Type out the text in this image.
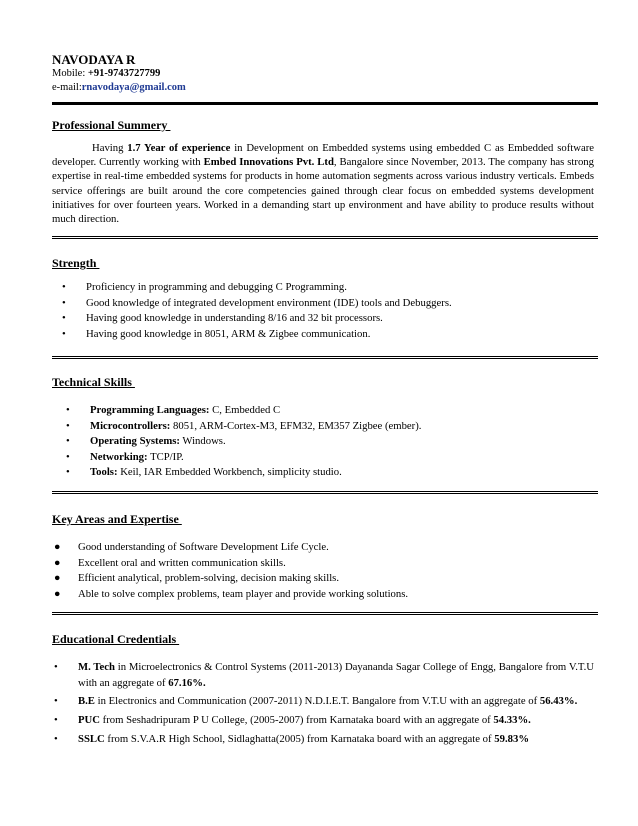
NAVODAYA R
Mobile: +91-9743727799
e-mail:rnavodaya@gmail.com
Professional Summery
Having 1.7 Year of experience in Development on Embedded systems using embedded C as Embedded software developer. Currently working with Embed Innovations Pvt. Ltd, Bangalore since November, 2013. The company has strong expertise in real-time embedded systems for products in home automation segments across various industry verticals. Embeds service offerings are built around the core competencies gained through clear focus on embedded systems development initiatives for over fourteen years. Worked in a demanding start up environment and have ability to produce results without much direction.
Strength
• Proficiency in programming and debugging C Programming.
• Good knowledge of integrated development environment (IDE) tools and Debuggers.
• Having good knowledge in understanding 8/16 and 32 bit processors.
• Having good knowledge in 8051, ARM & Zigbee communication.
Technical Skills
• Programming Languages: C, Embedded C
• Microcontrollers: 8051, ARM-Cortex-M3, EFM32, EM357 Zigbee (ember).
• Operating Systems: Windows.
• Networking: TCP/IP.
• Tools: Keil, IAR Embedded Workbench, simplicity studio.
Key Areas and Expertise
● Good understanding of Software Development Life Cycle.
● Excellent oral and written communication skills.
● Efficient analytical, problem-solving, decision making skills.
● Able to solve complex problems, team player and provide working solutions.
Educational Credentials
• M. Tech in Microelectronics & Control Systems (2011-2013) Dayananda Sagar College of Engg, Bangalore from V.T.U with an aggregate of 67.16%.
• B.E in Electronics and Communication (2007-2011) N.D.I.E.T. Bangalore from V.T.U with an aggregate of 56.43%.
• PUC from Seshadripuram P U College, (2005-2007) from Karnataka board with an aggregate of 54.33%.
• SSLC from S.V.A.R High School, Sidlaghatta(2005) from Karnataka board with an aggregate of 59.83%
